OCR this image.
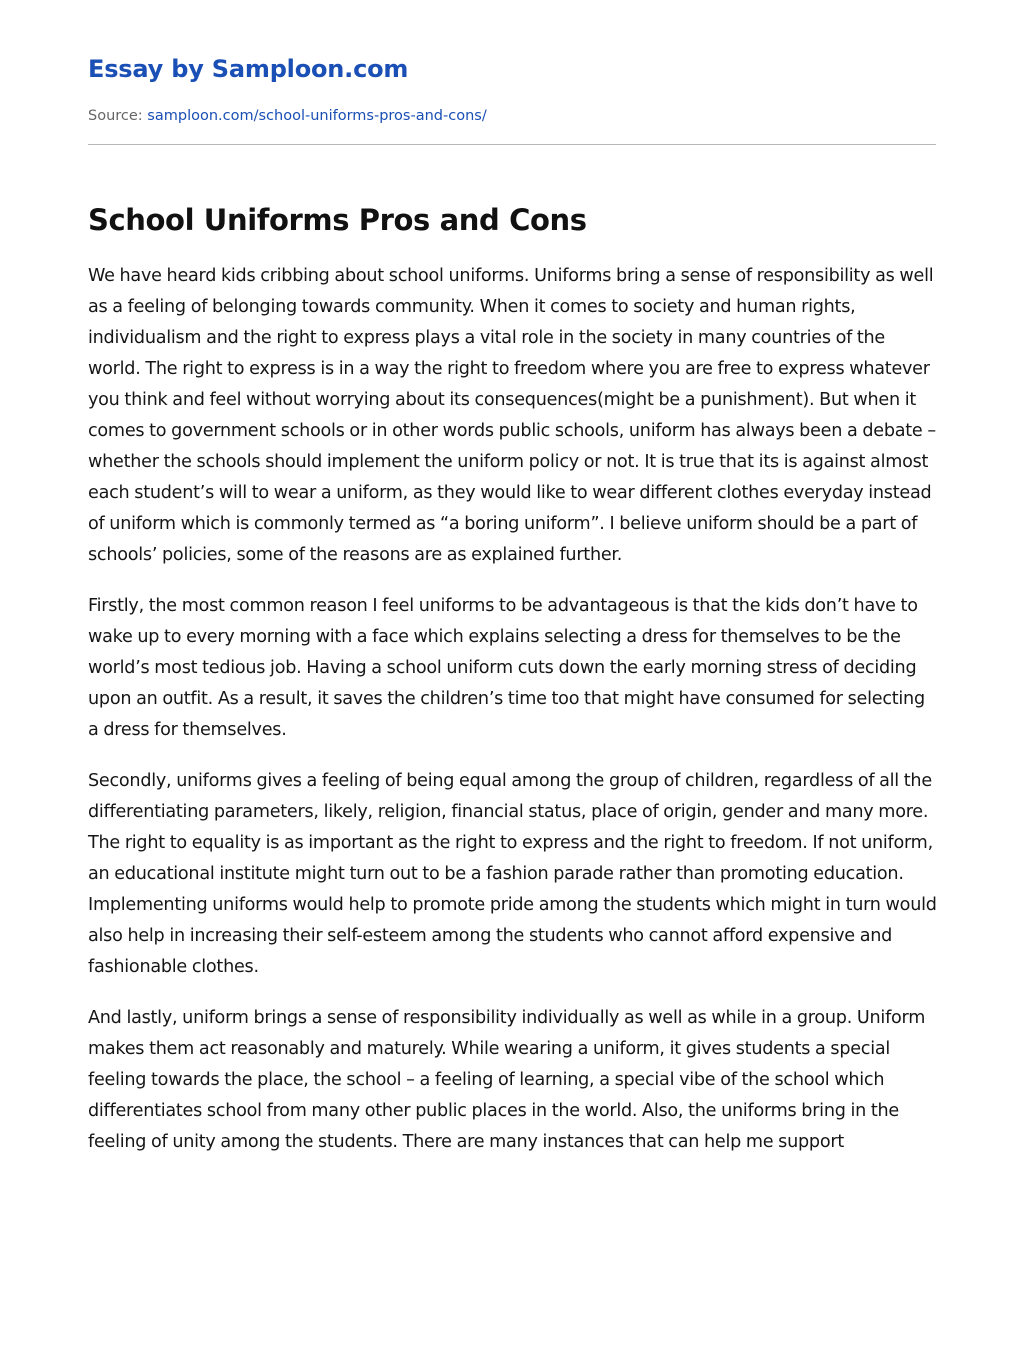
Essay by Samploon.com
Source: samploon.com/school-uniforms-pros-and-cons/
School Uniforms Pros and Cons

We have heard kids cribbing about school uniforms. Uniforms bring a sense of responsibility as well as a feeling of belonging towards community. When it comes to society and human rights, individualism and the right to express plays a vital role in the society in many countries of the world. The right to express is in a way the right to freedom where you are free to express whatever you think and feel without worrying about its consequences(might be a punishment). But when it comes to government schools or in other words public schools, uniform has always been a debate – whether the schools should implement the uniform policy or not. It is true that its is against almost each student’s will to wear a uniform, as they would like to wear different clothes everyday instead of uniform which is commonly termed as “a boring uniform”. I believe uniform should be a part of schools’ policies, some of the reasons are as explained further.

Firstly, the most common reason I feel uniforms to be advantageous is that the kids don’t have to wake up to every morning with a face which explains selecting a dress for themselves to be the world’s most tedious job. Having a school uniform cuts down the early morning stress of deciding upon an outfit. As a result, it saves the children’s time too that might have consumed for selecting a dress for themselves.

Secondly, uniforms gives a feeling of being equal among the group of children, regardless of all the differentiating parameters, likely, religion, financial status, place of origin, gender and many more. The right to equality is as important as the right to express and the right to freedom. If not uniform, an educational institute might turn out to be a fashion parade rather than promoting education. Implementing uniforms would help to promote pride among the students which might in turn would also help in increasing their self-esteem among the students who cannot afford expensive and fashionable clothes.

And lastly, uniform brings a sense of responsibility individually as well as while in a group. Uniform makes them act reasonably and maturely. While wearing a uniform, it gives students a special feeling towards the place, the school – a feeling of learning, a special vibe of the school which differentiates school from many other public places in the world. Also, the uniforms bring in the feeling of unity among the students. There are many instances that can help me support
